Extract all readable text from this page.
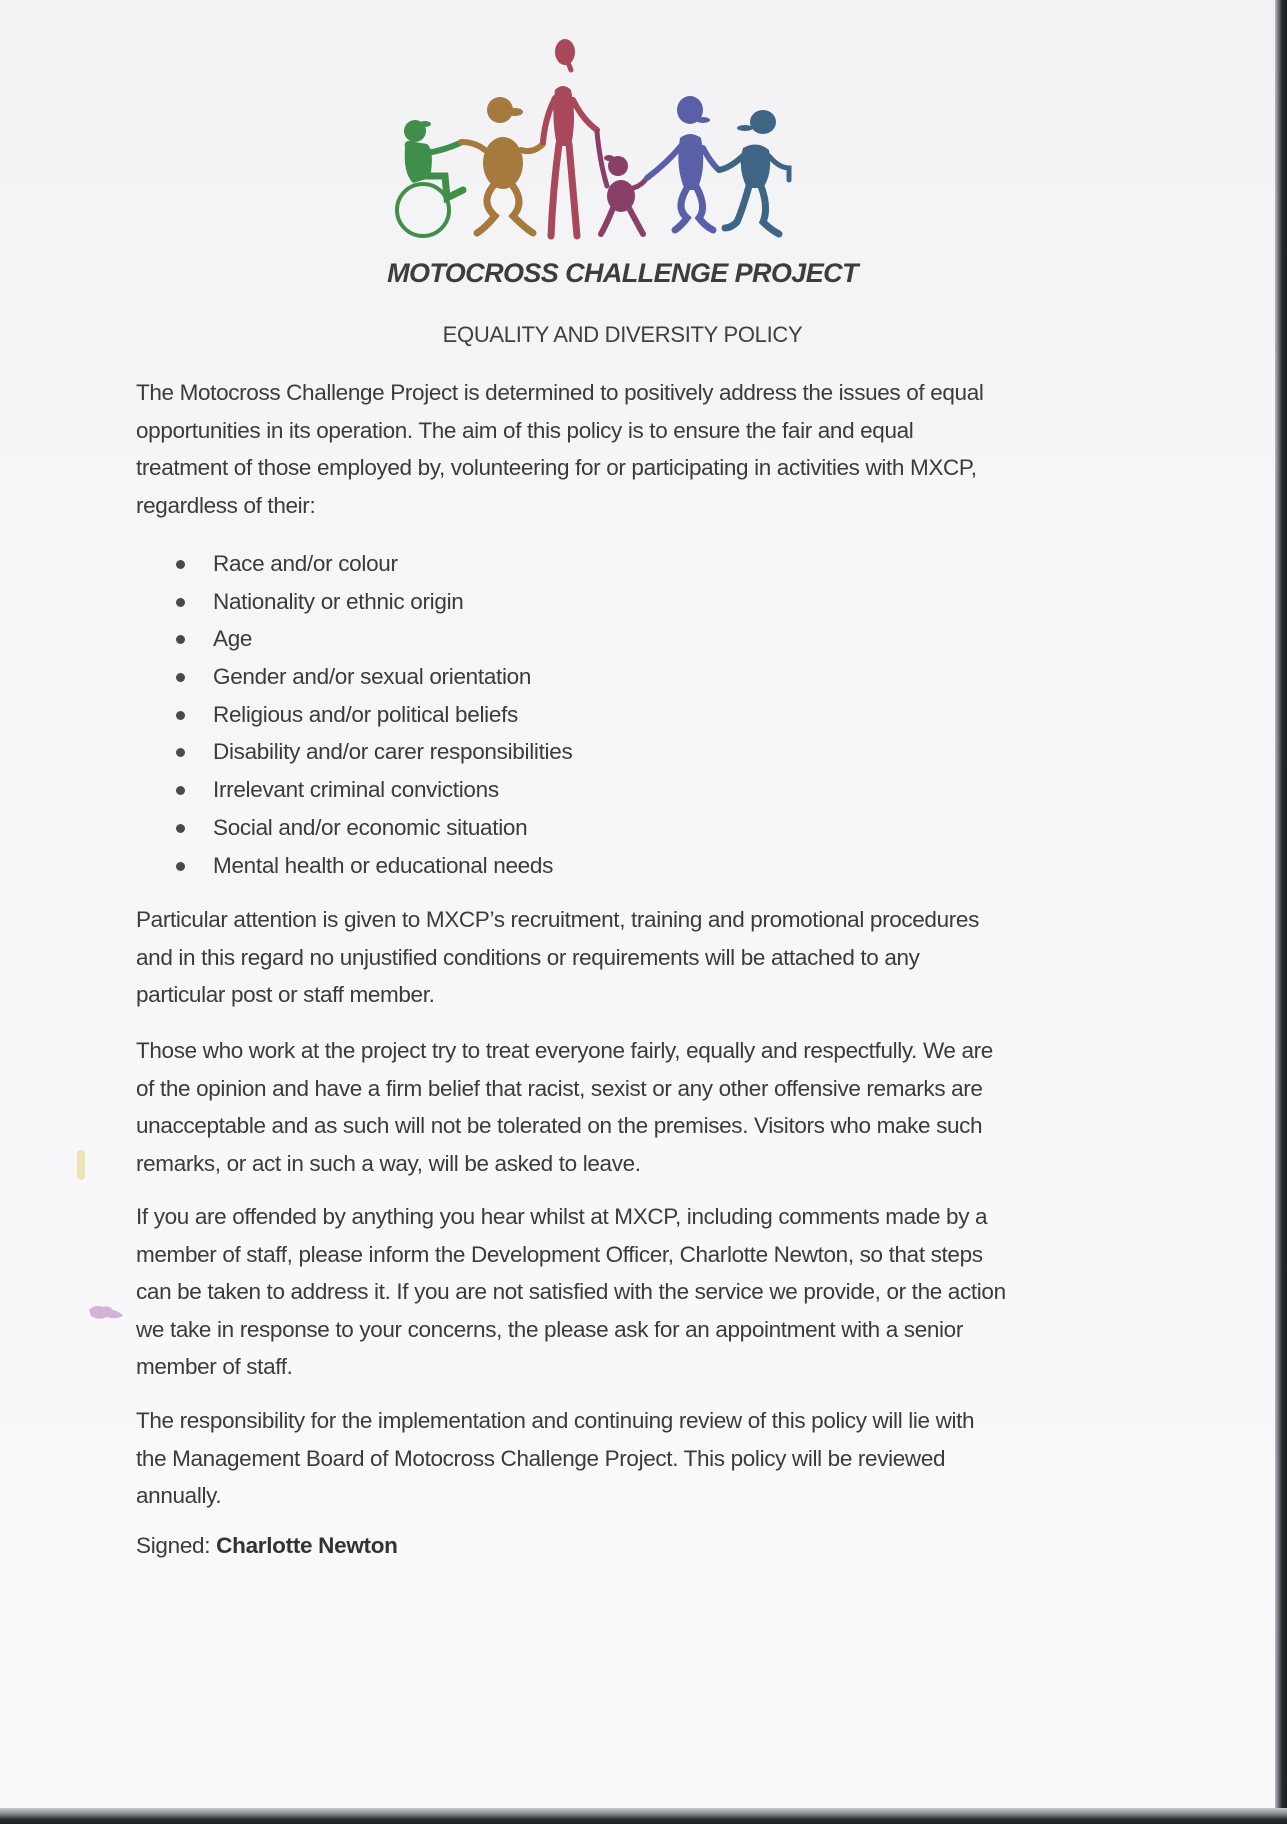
MOTOCROSS CHALLENGE PROJECT
EQUALITY AND DIVERSITY POLICY
The Motocross Challenge Project is determined to positively address the issues of equal
opportunities in its operation. The aim of this policy is to ensure the fair and equal
treatment of those employed by, volunteering for or participating in activities with MXCP,
regardless of their:
Race and/or colour
Nationality or ethnic origin
Age
Gender and/or sexual orientation
Religious and/or political beliefs
Disability and/or carer responsibilities
Irrelevant criminal convictions
Social and/or economic situation
Mental health or educational needs
Particular attention is given to MXCP’s recruitment, training and promotional procedures
and in this regard no unjustified conditions or requirements will be attached to any
particular post or staff member.
Those who work at the project try to treat everyone fairly, equally and respectfully. We are
of the opinion and have a firm belief that racist, sexist or any other offensive remarks are
unacceptable and as such will not be tolerated on the premises. Visitors who make such
remarks, or act in such a way, will be asked to leave.
If you are offended by anything you hear whilst at MXCP, including comments made by a
member of staff, please inform the Development Officer, Charlotte Newton, so that steps
can be taken to address it. If you are not satisfied with the service we provide, or the action
we take in response to your concerns, the please ask for an appointment with a senior
member of staff.
The responsibility for the implementation and continuing review of this policy will lie with
the Management Board of Motocross Challenge Project. This policy will be reviewed
annually.
Signed: Charlotte Newton
